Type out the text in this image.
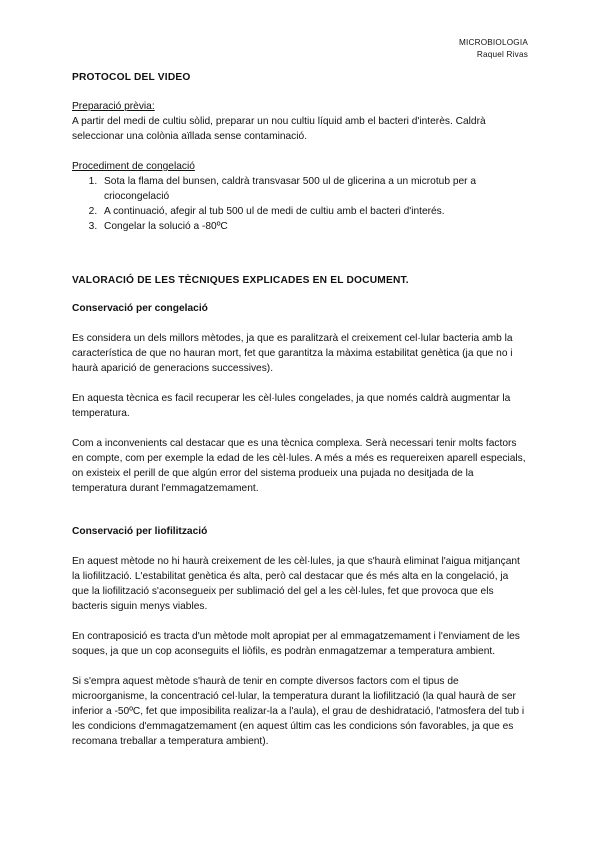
MICROBIOLOGIA
Raquel Rivas

PROTOCOL DEL VIDEO

Preparació prèvia:

A partir del medi de cultiu sòlid, preparar un nou cultiu líquid amb el bacteri d'interès. Caldrà seleccionar una colònia aïllada sense contaminació.

Procediment de congelació

1. Sota la flama del bunsen, caldrà transvasar 500 ul de glicerina a un microtub per a criocongelació
2. A continuació, afegir al tub 500 ul de medi de cultiu amb el bacteri d'interés.
3. Congelar la solució a -80ºC

VALORACIÓ DE LES TÈCNIQUES EXPLICADES EN EL DOCUMENT.

Conservació per congelació

Es considera un dels millors mètodes, ja que es paralitzarà el creixement cel·lular bacteria amb la característica de que no hauran mort, fet que garantitza la màxima estabilitat genètica (ja que no i haurà aparició de generacions successives).

En aquesta tècnica es facil recuperar les cèl·lules congelades, ja que només caldrà augmentar la temperatura.

Com a inconvenients cal destacar que es una tècnica complexa. Serà necessari tenir molts factors en compte, com per exemple la edad de les cèl·lules. A més a més es requereixen aparell especials, on existeix el perill de que algún error del sistema produeix una pujada no desitjada de la temperatura durant l'emmagatzemament.

Conservació per liofilització

En aquest mètode no hi haurà creixement de les cèl·lules, ja que s'haurà eliminat l'aigua mitjançant la liofilització. L'estabilitat genètica és alta, però cal destacar que és més alta en la congelació, ja que la liofilització s'aconsegueix per sublimació del gel a les cèl·lules, fet que provoca que els bacteris siguin menys viables.

En contraposició es tracta d'un mètode molt apropiat per al emmagatzemament i l'enviament de les soques, ja que un cop aconseguits el liòfils, es podràn enmagatzemar a temperatura ambient.

Si s'empra aquest mètode s'haurà de tenir en compte diversos factors com el tipus de microorganisme, la concentració cel·lular, la temperatura durant la liofilització (la qual haurà de ser inferior a -50ºC, fet que imposibilita realizar-la a l'aula), el grau de deshidratació, l'atmosfera del tub i les condicions d'emmagatzemament (en aquest últim cas les condicions són favorables, ja que es recomana treballar a temperatura ambient).
